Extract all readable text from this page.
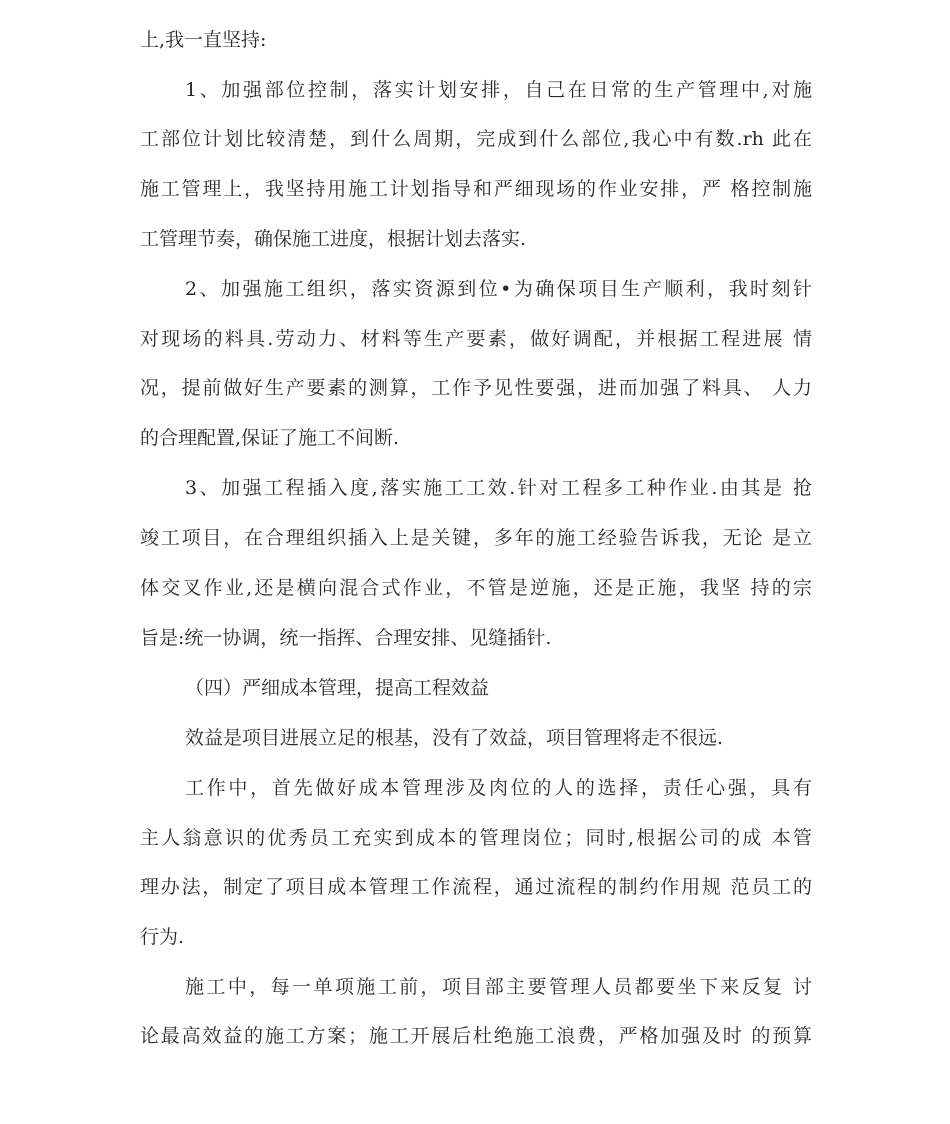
上,我一直坚持:
1、加强部位控制，落实计划安排，自己在日常的生产管理中,对施
工部位计划比较清楚，到什么周期，完成到什么部位,我心中有数.rh 此在
施工管理上，我坚持用施工计划指导和严细现场的作业安排，严 格控制施
工管理节奏，确保施工进度，根据计划去落实.
2、加强施工组织，落实资源到位•为确保项目生产顺利，我时刻针
对现场的料具.劳动力、材料等生产要素，做好调配，并根据工程进展 情
况，提前做好生产要素的测算，工作予见性要强，进而加强了料具、 人力
的合理配置,保证了施工不间断.
3、加强工程插入度,落实施工工效.针对工程多工种作业.由其是 抢
竣工项目，在合理组织插入上是关键，多年的施工经验告诉我，无论 是立
体交叉作业,还是横向混合式作业，不管是逆施，还是正施，我坚 持的宗
旨是:统一协调，统一指挥、合理安排、见缝插针.
（四）严细成本管理，提高工程效益
效益是项目进展立足的根基，没有了效益，项目管理将走不很远.
工作中，首先做好成本管理涉及肉位的人的选择，责任心强，具有
主人翁意识的优秀员工充实到成本的管理岗位；同时,根据公司的成 本管
理办法，制定了项目成本管理工作流程，通过流程的制约作用规 范员工的
行为.
施工中，每一单项施工前，项目部主要管理人员都要坐下来反复 讨
论最高效益的施工方案；施工开展后杜绝施工浪费，严格加强及时 的预算
